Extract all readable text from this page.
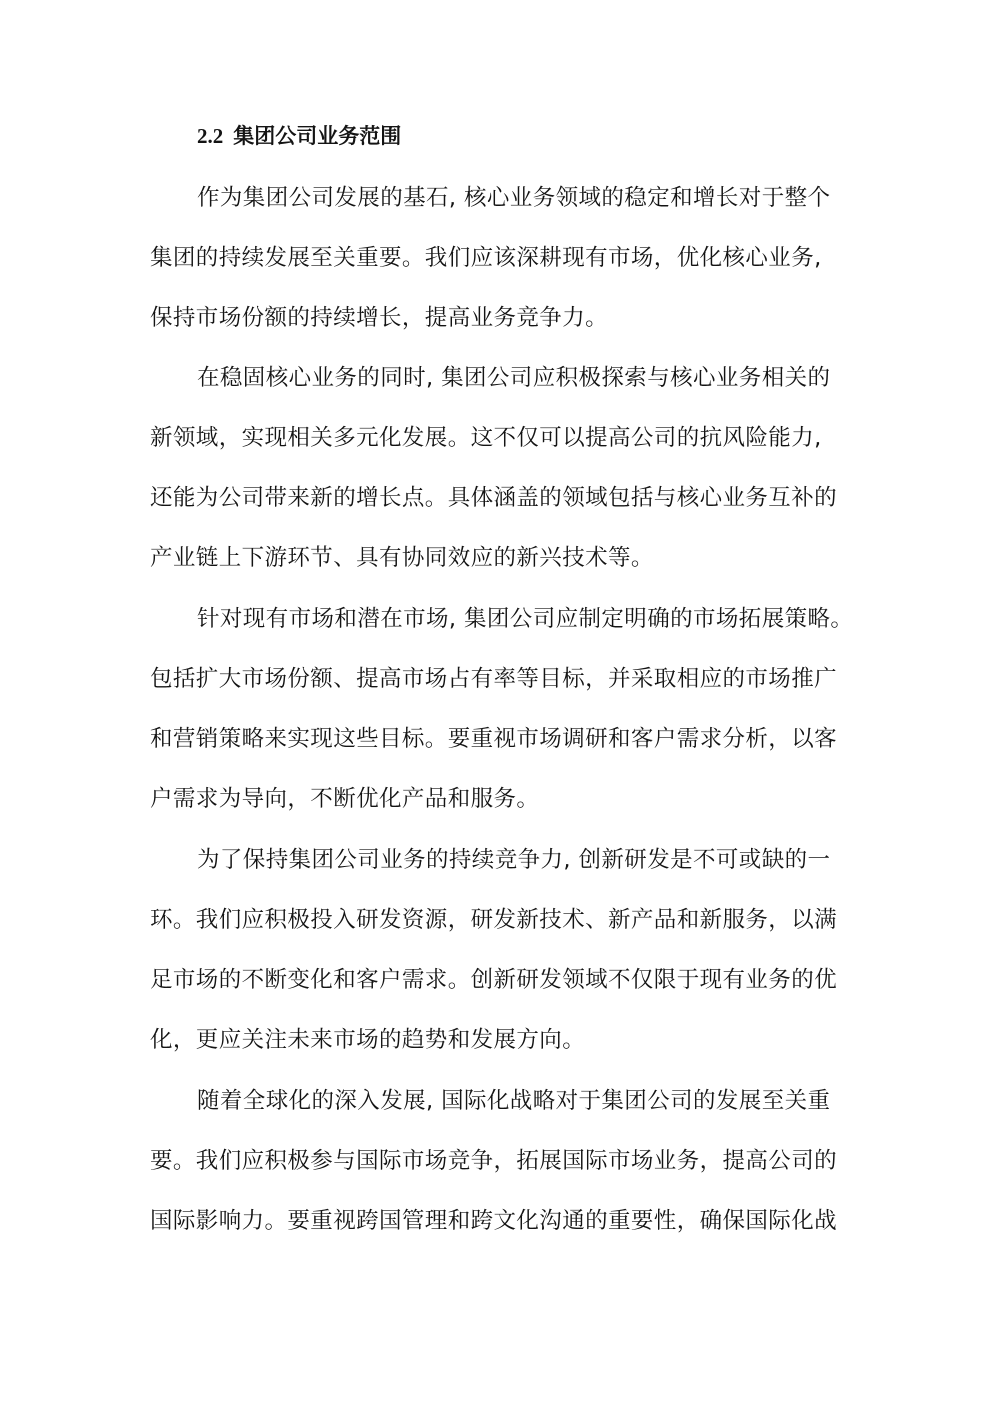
2.2 集团公司业务范围
作为集团公司发展的基石, 核心业务领域的稳定和增长对于整个
集团的持续发展至关重要。我们应该深耕现有市场，优化核心业务,
保持市场份额的持续增长，提高业务竞争力。
在稳固核心业务的同时, 集团公司应积极探索与核心业务相关的
新领域，实现相关多元化发展。这不仅可以提高公司的抗风险能力,
还能为公司带来新的增长点。具体涵盖的领域包括与核心业务互补的
产业链上下游环节、具有协同效应的新兴技术等。
针对现有市场和潜在市场, 集团公司应制定明确的市场拓展策略。
包括扩大市场份额、提高市场占有率等目标，并采取相应的市场推广
和营销策略来实现这些目标。要重视市场调研和客户需求分析，以客
户需求为导向，不断优化产品和服务。
为了保持集团公司业务的持续竞争力, 创新研发是不可或缺的一
环。我们应积极投入研发资源，研发新技术、新产品和新服务，以满
足市场的不断变化和客户需求。创新研发领域不仅限于现有业务的优
化，更应关注未来市场的趋势和发展方向。
随着全球化的深入发展, 国际化战略对于集团公司的发展至关重
要。我们应积极参与国际市场竞争，拓展国际市场业务，提高公司的
国际影响力。要重视跨国管理和跨文化沟通的重要性，确保国际化战
